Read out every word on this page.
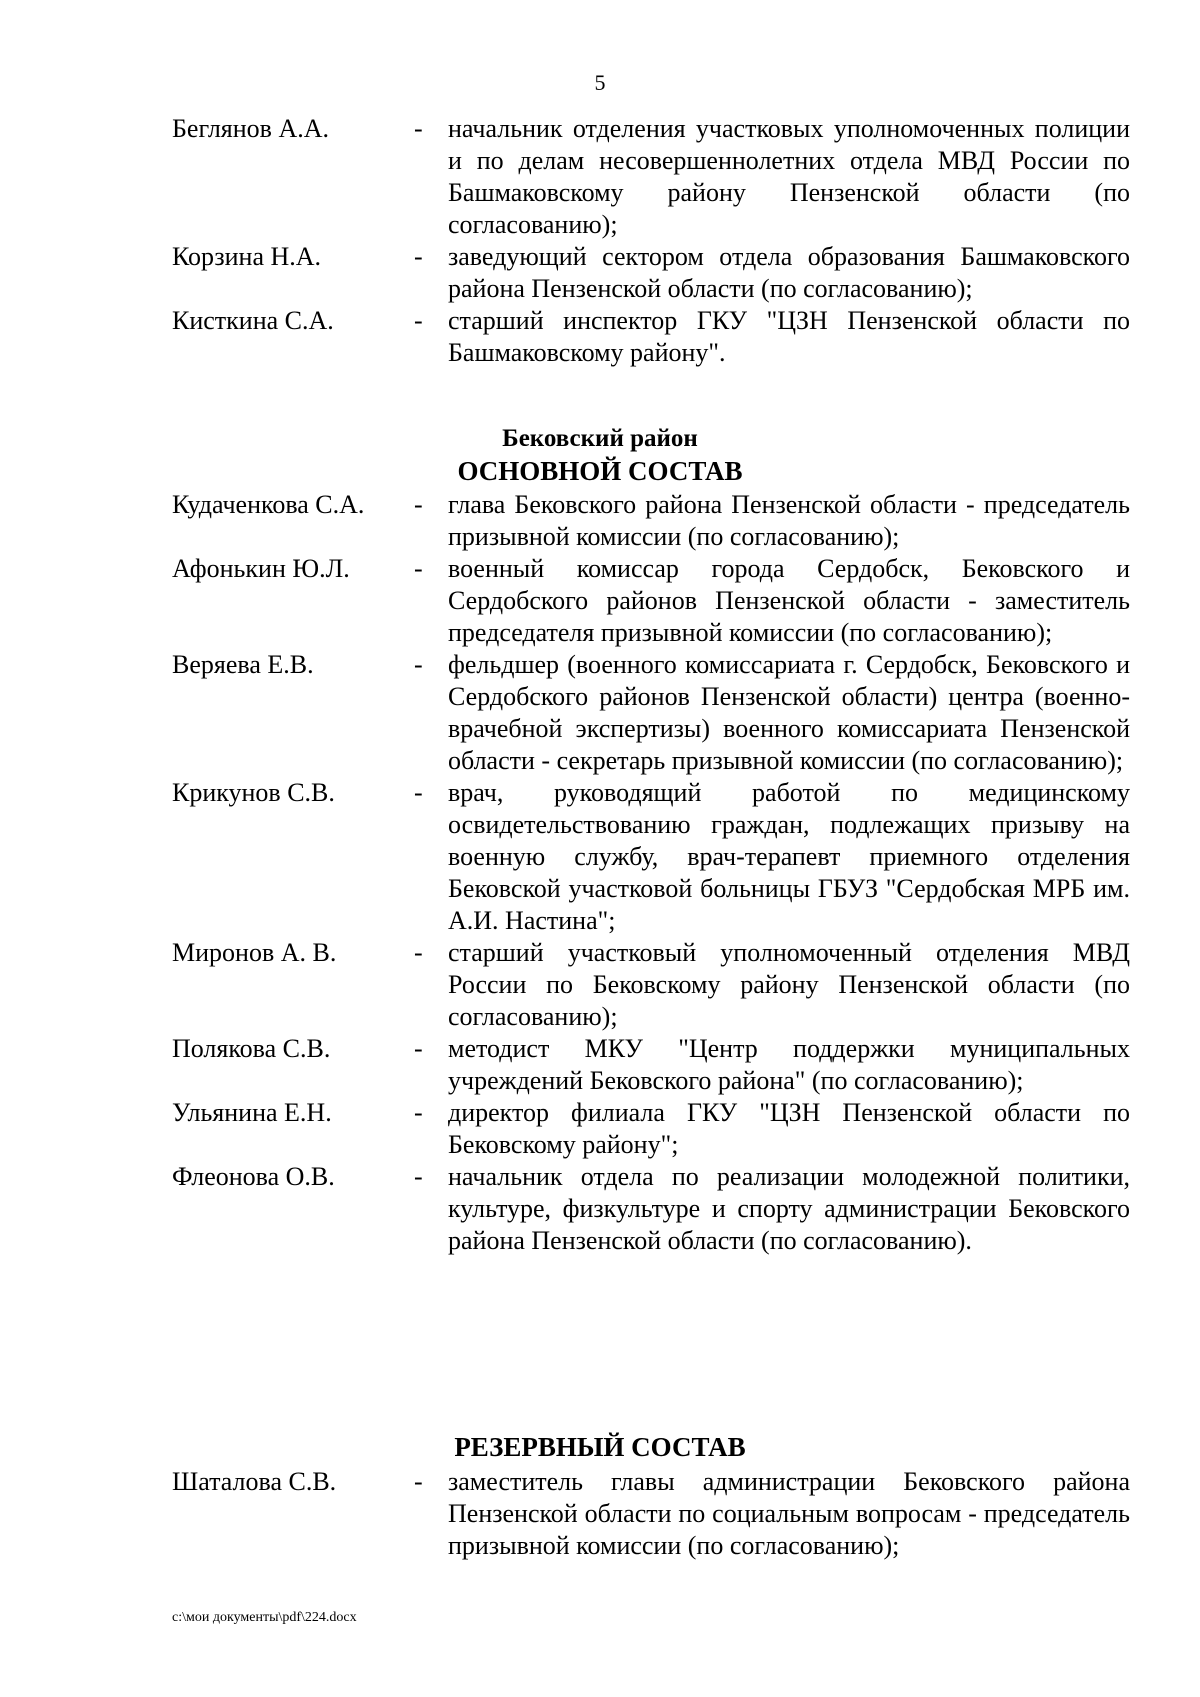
5
Беглянов А.А.	- начальник отделения участковых уполномоченных полиции и по делам несовершеннолетних отдела МВД России по Башмаковскому району Пензенской области (по согласованию);
Корзина Н.А.	- заведующий сектором отдела образования Башмаковского района Пензенской области (по согласованию);
Кисткина С.А.	- старший инспектор ГКУ "ЦЗН Пензенской области по Башмаковскому району".
Бековский район
ОСНОВНОЙ СОСТАВ
Кудаченкова С.А.	- глава Бековского района Пензенской области - председатель призывной комиссии (по согласованию);
Афонькин Ю.Л.	- военный комиссар города Сердобск, Бековского и Сердобского районов Пензенской области - заместитель председателя призывной комиссии (по согласованию);
Веряева Е.В.	- фельдшер (военного комиссариата г. Сердобск, Бековского и Сердобского районов Пензенской области) центра (военно-врачебной экспертизы) военного комиссариата Пензенской области - секретарь призывной комиссии (по согласованию);
Крикунов С.В.	- врач, руководящий работой по медицинскому освидетельствованию граждан, подлежащих призыву на военную службу, врач-терапевт приемного отделения Бековской участковой больницы ГБУЗ "Сердобская МРБ им. А.И. Настина";
Миронов А. В.	- старший участковый уполномоченный отделения МВД России по Бековскому району Пензенской области (по согласованию);
Полякова С.В.	- методист МКУ "Центр поддержки муниципальных учреждений Бековского района" (по согласованию);
Ульянина Е.Н.	- директор филиала ГКУ "ЦЗН Пензенской области по Бековскому району";
Флеонова О.В.	- начальник отдела по реализации молодежной политики, культуре, физкультуре и спорту администрации Бековского района Пензенской области (по согласованию).
РЕЗЕРВНЫЙ СОСТАВ
Шаталова С.В.	- заместитель главы администрации Бековского района Пензенской области по социальным вопросам - председатель призывной комиссии (по согласованию);
c:\мои документы\pdf\224.docx
